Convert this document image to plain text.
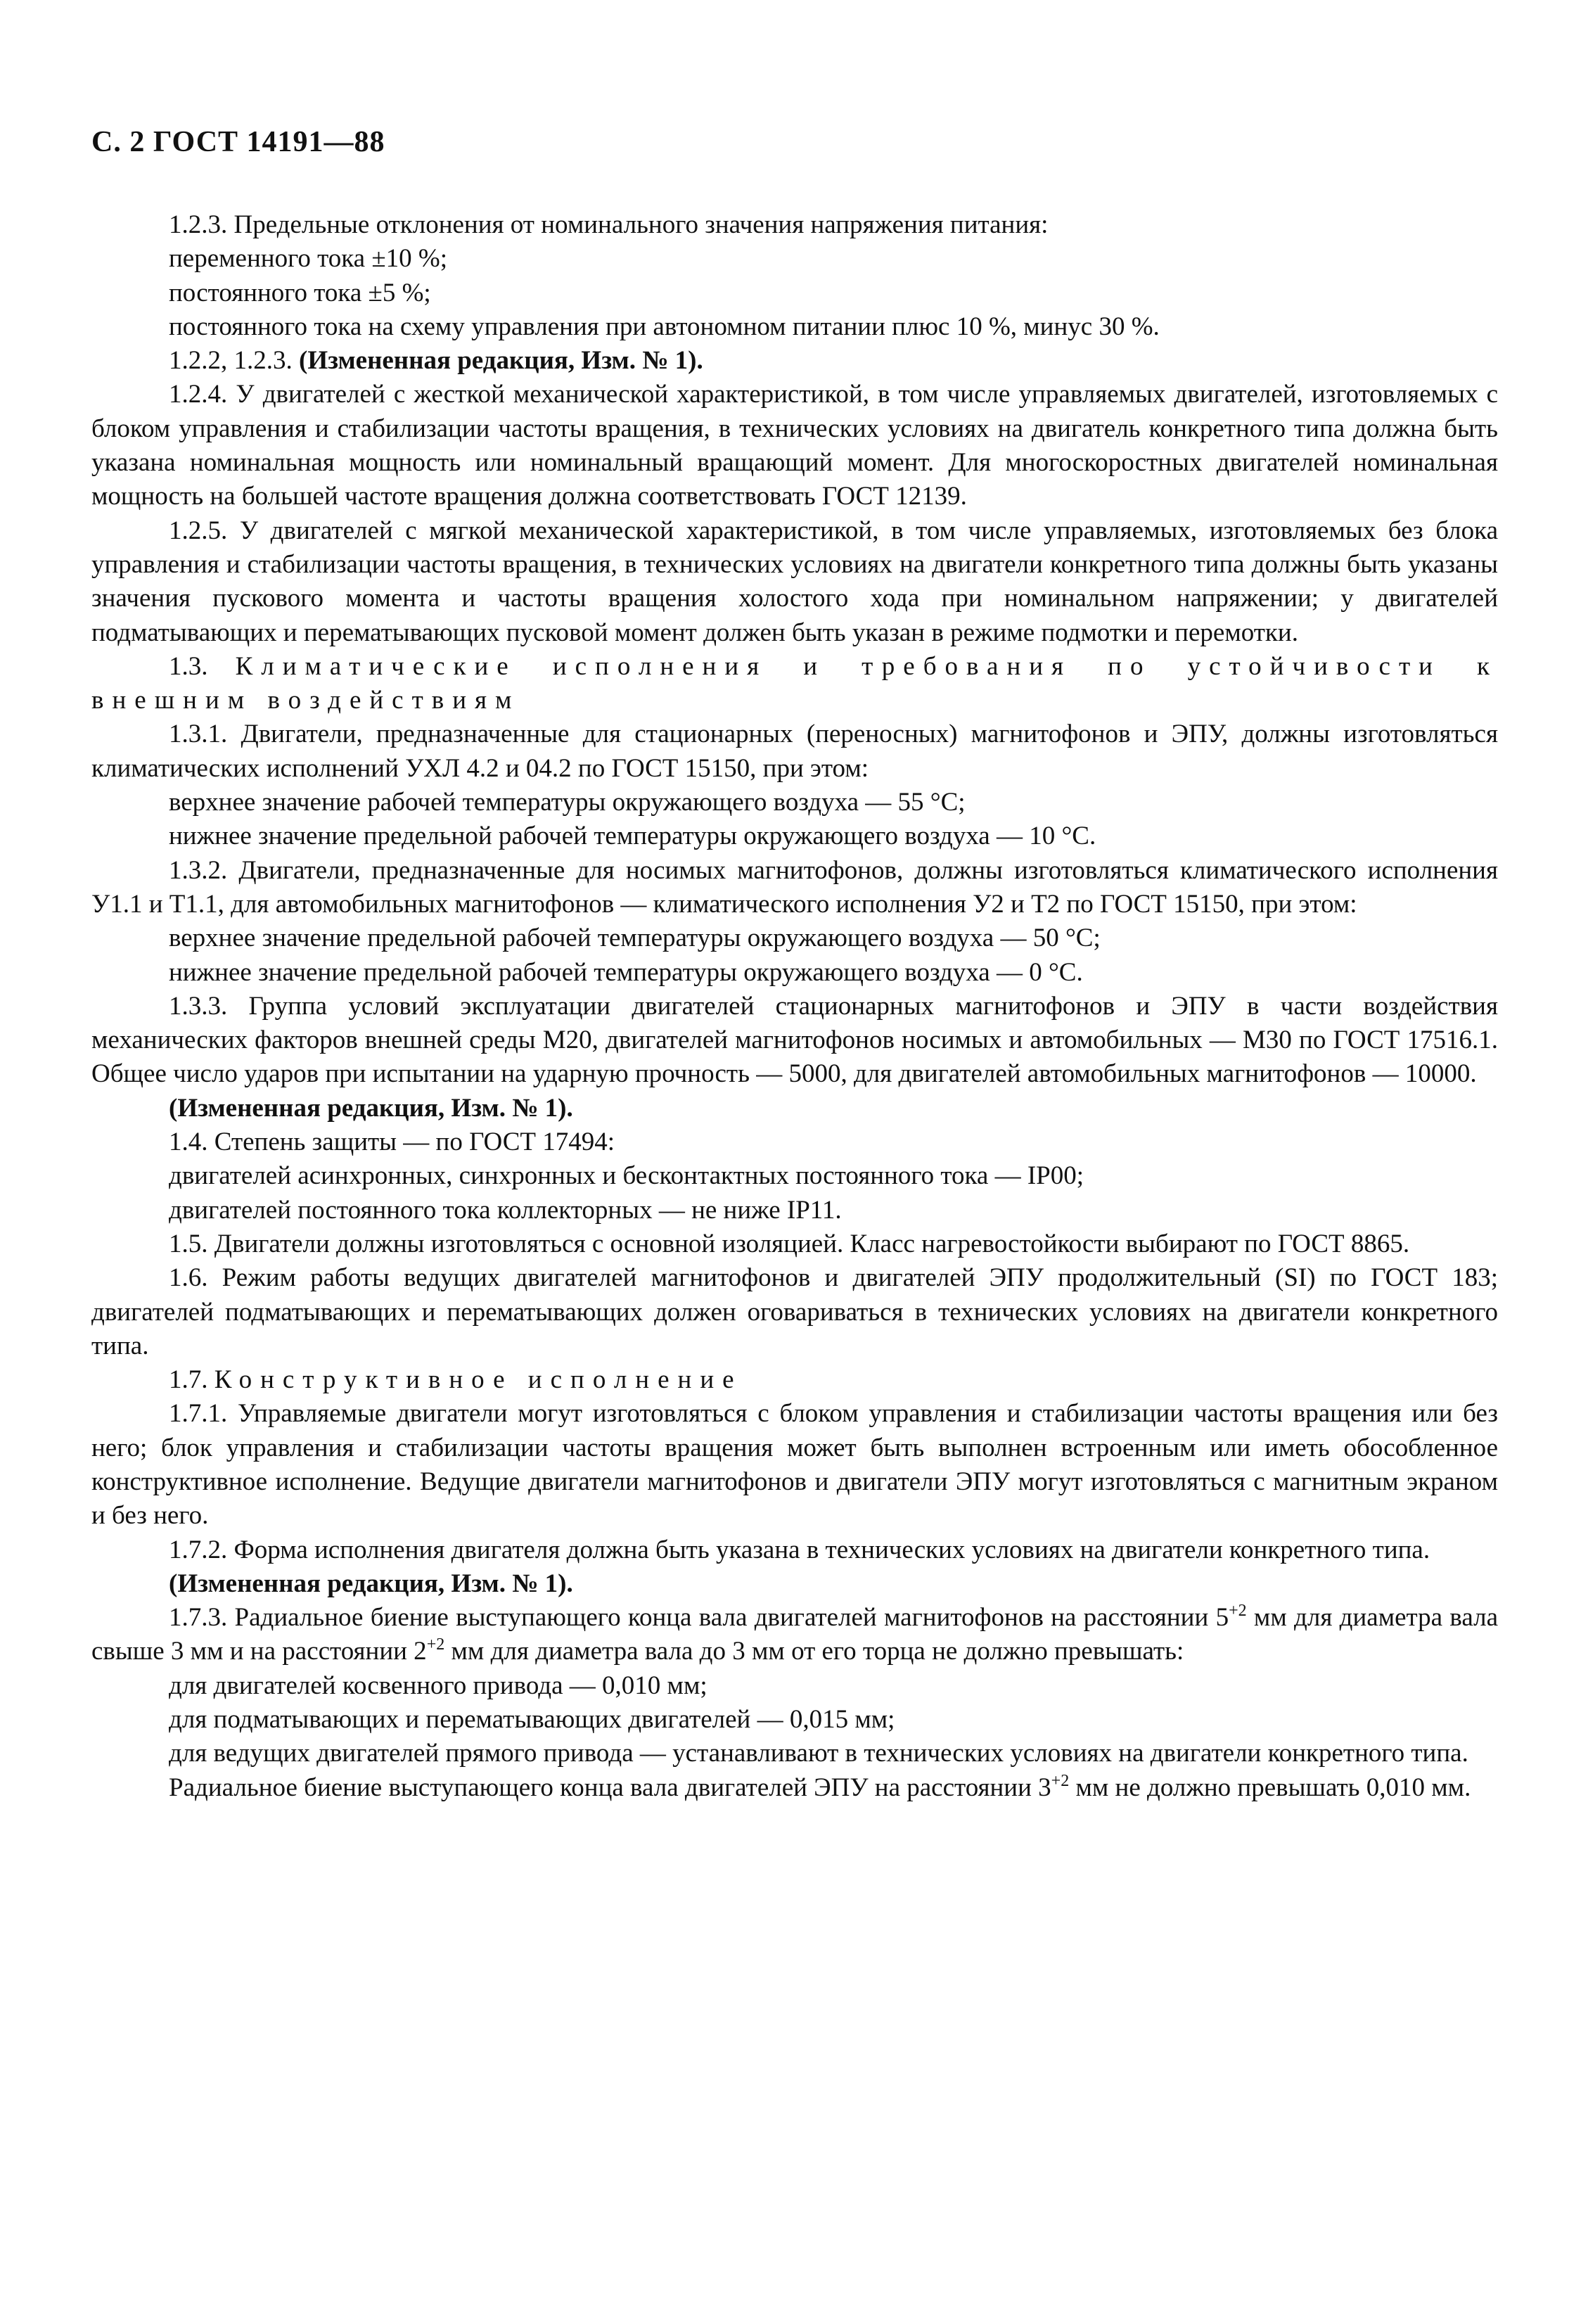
С. 2 ГОСТ 14191—88

1.2.3. Предельные отклонения от номинального значения напряжения питания:

переменного тока ±10 %;

постоянного тока ±5 %;

постоянного тока на схему управления при автономном питании плюс 10 %, минус 30 %.

1.2.2, 1.2.3. (Измененная редакция, Изм. № 1).

1.2.4. У двигателей с жесткой механической характеристикой, в том числе управляемых двигателей, изготовляемых с блоком управления и стабилизации частоты вращения, в технических условиях на двигатель конкретного типа должна быть указана номинальная мощность или номинальный вращающий момент. Для многоскоростных двигателей номинальная мощность на большей частоте вращения должна соответствовать ГОСТ 12139.

1.2.5. У двигателей с мягкой механической характеристикой, в том числе управляемых, изготовляемых без блока управления и стабилизации частоты вращения, в технических условиях на двигатели конкретного типа должны быть указаны значения пускового момента и частоты вращения холостого хода при номинальном напряжении; у двигателей подматывающих и перематывающих пусковой момент должен быть указан в режиме подмотки и перемотки.

1.3. Климатические исполнения и требования по устойчивости к внешним воздействиям

1.3.1. Двигатели, предназначенные для стационарных (переносных) магнитофонов и ЭПУ, должны изготовляться климатических исполнений УХЛ 4.2 и 04.2 по ГОСТ 15150, при этом:

верхнее значение рабочей температуры окружающего воздуха — 55 °С;

нижнее значение предельной рабочей температуры окружающего воздуха — 10 °С.

1.3.2. Двигатели, предназначенные для носимых магнитофонов, должны изготовляться климатического исполнения У1.1 и Т1.1, для автомобильных магнитофонов — климатического исполнения У2 и Т2 по ГОСТ 15150, при этом:

верхнее значение предельной рабочей температуры окружающего воздуха — 50 °С;

нижнее значение предельной рабочей температуры окружающего воздуха — 0 °С.

1.3.3. Группа условий эксплуатации двигателей стационарных магнитофонов и ЭПУ в части воздействия механических факторов внешней среды М20, двигателей магнитофонов носимых и автомобильных — М30 по ГОСТ 17516.1. Общее число ударов при испытании на ударную прочность — 5000, для двигателей автомобильных магнитофонов — 10000.

(Измененная редакция, Изм. № 1).

1.4. Степень защиты — по ГОСТ 17494:

двигателей асинхронных, синхронных и бесконтактных постоянного тока — IP00;

двигателей постоянного тока коллекторных — не ниже IP11.

1.5. Двигатели должны изготовляться с основной изоляцией. Класс нагревостойкости выбирают по ГОСТ 8865.

1.6. Режим работы ведущих двигателей магнитофонов и двигателей ЭПУ продолжительный (SI) по ГОСТ 183; двигателей подматывающих и перематывающих должен оговариваться в технических условиях на двигатели конкретного типа.

1.7. Конструктивное исполнение

1.7.1. Управляемые двигатели могут изготовляться с блоком управления и стабилизации частоты вращения или без него; блок управления и стабилизации частоты вращения может быть выполнен встроенным или иметь обособленное конструктивное исполнение. Ведущие двигатели магнитофонов и двигатели ЭПУ могут изготовляться с магнитным экраном и без него.

1.7.2. Форма исполнения двигателя должна быть указана в технических условиях на двигатели конкретного типа.

(Измененная редакция, Изм. № 1).

1.7.3. Радиальное биение выступающего конца вала двигателей магнитофонов на расстоянии $5^{+2}$ мм для диаметра вала свыше 3 мм и на расстоянии $2^{+2}$ мм для диаметра вала до 3 мм от его торца не должно превышать:

для двигателей косвенного привода — 0,010 мм;

для подматывающих и перематывающих двигателей — 0,015 мм;

для ведущих двигателей прямого привода — устанавливают в технических условиях на двигатели конкретного типа.

Радиальное биение выступающего конца вала двигателей ЭПУ на расстоянии $3^{+2}$ мм не должно превышать 0,010 мм.
